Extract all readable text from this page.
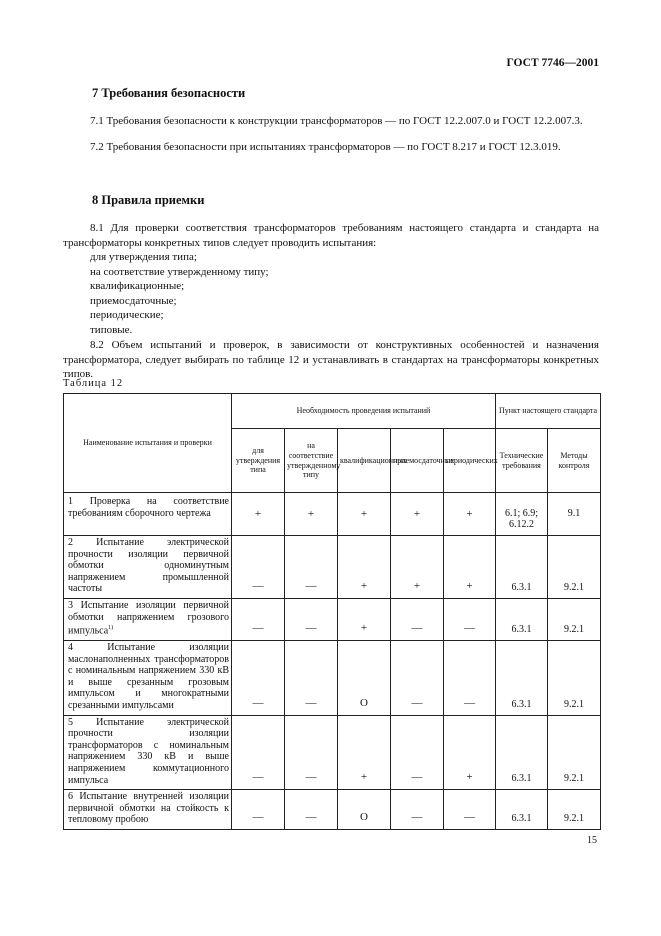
ГОСТ 7746—2001
7 Требования безопасности
7.1 Требования безопасности к конструкции трансформаторов — по ГОСТ 12.2.007.0 и ГОСТ 12.2.007.3.
7.2 Требования безопасности при испытаниях трансформаторов — по ГОСТ 8.217 и ГОСТ 12.3.019.
8 Правила приемки
8.1 Для проверки соответствия трансформаторов требованиям настоящего стандарта и стандарта на трансформаторы конкретных типов следует проводить испытания:
для утверждения типа;
на соответствие утвержденному типу;
квалификационные;
приемосдаточные;
периодические;
типовые.
8.2 Объем испытаний и проверок, в зависимости от конструктивных особенностей и назначения трансформатора, следует выбирать по таблице 12 и устанавливать в стандартах на трансформаторы конкретных типов.
Таблица 12
Наименование испытания и проверки	Необходимость проведения испытаний					Пункт настоящего стандарта	
	для утверждения типа	на соответствие утвержденному типу	квалификационных	приемосдаточных	периодических	Технические требования	Методы контроля
1 Проверка на соответствие требованиям сборочного чертежа	+	+	+	+	+	6.1; 6.9; 6.12.2	9.1
2 Испытание электрической прочности изоляции первичной обмотки одноминутным напряжением промышленной частоты	—	—	+	+	+	6.3.1	9.2.1
3 Испытание изоляции первичной обмотки напряжением грозового импульса$^{1)}$	—	—	+	—	—	6.3.1	9.2.1
4 Испытание изоляции маслонаполненных трансформаторов с номинальным напряжением 330 кВ и выше срезанным грозовым импульсом и многократными срезанными импульсами	—	—	О	—	—	6.3.1	9.2.1
5 Испытание электрической прочности изоляции трансформаторов с номинальным напряжением 330 кВ и выше напряжением коммутационного импульса	—	—	+	—	+	6.3.1	9.2.1
6 Испытание внутренней изоляции первичной обмотки на стойкость к тепловому пробою	—	—	О	—	—	6.3.1	9.2.1
15
